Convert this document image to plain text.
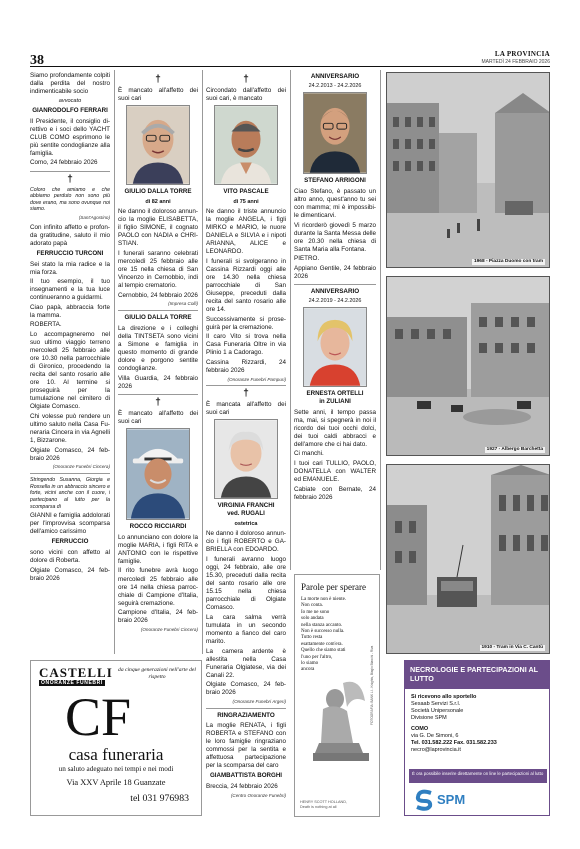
38	LA PROVINCIA
MARTEDÌ 24 FEBBRAIO 2026

Siamo profondamente colpiti dalla perdita del nostro indimenticabile socio

avvocato
GIANRODOLFO FERRARI

Il Presidente, il consiglio direttivo e i soci dello YACHT CLUB COMO esprimono le più sentite condoglianze alla famiglia.

Como, 24 febbraio 2026

†

Coloro che amiamo e che abbiamo perduto non sono più dove erano, ma sono ovunque noi siamo.

(Sant'Agostino)

Con infinito affetto e profonda gratitudine, saluto il mio adorato papà

FERRUCCIO TURCONI

Sei stato la mia radice e la mia forza.

Il tuo esempio, il tuo insegnamenti e la tua luce continueranno a guidarmi.

Ciao papà, abbraccia forte la mamma.

ROBERTA.

Lo accompagneremo nel suo ultimo viaggio terreno mercoledì 25 febbraio alle ore 10.30 nella parrocchiale di Gironico, procedendo la recita del santo rosario alle ore 10. Al termine si proseguirà per la tumulazione nel cimitero di Olgiate Comasco.

Chi volesse può rendere un ultimo saluto nella Casa Funeraria Cincera in via Agnelli 1, Bizzarone.

Olgiate Comasco, 24 febbraio 2026

(Onoranze Funebri Cincera)

Stringendo Susanna, Giorgia e Rossella in un abbraccio sincero e forte, vicini anche con il cuore, i partecipano al lutto per la scomparsa di

GIANNI e famiglia addolorati per l'improvvisa scomparsa dell'amico carissimo

FERRUCCIO

sono vicini con affetto al dolore di Roberta.

Olgiate Comasco, 24 febbraio 2026

†

È mancato all'affetto dei suoi cari

GIULIO DALLA TORRE
di 82 anni

Ne danno il doloroso annuncio la moglie ELISABETTA, il figlio SIMONE, il cognato PAOLO con NADIA e CHRISTIAN.

I funerali saranno celebrati mercoledì 25 febbraio alle ore 15 nella chiesa di San Vincenzo in Cernobbio, indi al tempio crematorio.

Cernobbio, 24 febbraio 2026

(Impresa Colli)
GIULIO DALLA TORRE

La direzione e i colleghi della TINTSETA sono vicini a Simone e famiglia in questo momento di grande dolore e porgono sentite condoglianze.

Villa Guardia, 24 febbraio 2026

†

È mancato all'affetto dei suoi cari

ROCCO RICCIARDI

Lo annunciano con dolore la moglie MARIA, i figli RITA e ANTONIO con le rispettive famiglie.

Il rito funebre avrà luogo mercoledì 25 febbraio alle ore 14 nella chiesa parrocchiale di Campione d'Italia, seguirà cremazione.

Campione d'Italia, 24 febbraio 2026

(Onoranze Funebri Cincera)
†

Circondato dall'affetto dei suoi cari, è mancato

VITO PASCALE
di 75 anni

Ne danno il triste annuncio la moglie ANGELA, i figli MIRKO e MARIO, le nuore DANIELA e SILVIA e i nipoti ARIANNA, ALICE e LEONARDO.

I funerali si svolgeranno in Cassina Rizzardi oggi alle ore 14.30 nella chiesa parrocchiale di San Giuseppe, preceduti dalla recita del santo rosario alle ore 14.

Successivamente si proseguirà per la cremazione.

Il caro Vito si trova nella Casa Funeraria Oltre in via Plinio 1 a Cadorago.

Cassina Rizzardi, 24 febbraio 2026

(Onoranze Funebri Pampuri)
†

È mancata all'affetto dei suoi cari

VIRGINIA FRANCHI
ved. RUGALI
ostetrica

Ne danno il doloroso annuncio i figli ROBERTO e GABRIELLA con EDOARDO.

I funerali avranno luogo oggi, 24 febbraio, alle ore 15.30, preceduti dalla recita del santo rosario alle ore 15.15 nella chiesa parrocchiale di Olgiate Comasco.

La cara salma verrà tumulata in un secondo momento a fianco del caro marito.

La camera ardente è allestita nella Casa Funeraria Olgiatese, via dei Canali 22.

Olgiate Comasco, 24 febbraio 2026

(Onoranze Funebri Argeri)
RINGRAZIAMENTO

La moglie RENATA, i figli ROBERTA e STEFANO con le loro famiglie ringraziano commossi per la sentita e affettuosa partecipazione per la scomparsa del caro

GIAMBATTISTA BORGHI

Breccia, 24 febbraio 2026

(Centro Onoranze Funebri)
ANNIVERSARIO
24.2.2013 - 24.2.2026
STEFANO ARRIGONI

Ciao Stefano, è passato un altro anno, quest'anno tu sei con mamma; mi è impossibile dimenticarvi.

Vi ricorderò giovedì 5 marzo durante la Santa Messa delle ore 20.30 nella chiesa di Santa Maria alla Fontana.

PIETRO.

Appiano Gentile, 24 febbraio 2026

ANNIVERSARIO
24.2.2019 - 24.2.2026
ERNESTA ORTELLI
in ZULIANI

Sette anni, il tempo passa ma, mai, si spegnerà in noi il ricordo dei tuoi occhi dolci, dei tuoi caldi abbracci e dell'amore che ci hai dato.

Ci manchi.

I tuoi cari TULLIO, PAOLO, DONATELLA con WALTER ed EMANUELE.

Cabiate con Bernate, 24 febbraio 2026

Parole per sperare
La morte non è niente.
Non conta.
Io me ne sono
solo andata
nella stanza accanto.
Non è successo nulla.
Tutto resta
esattamente com'era.
Quello che siamo stati
l'uno per l'altro,
lo siamo
ancora	FOTOGRAFIA: BANK LI - Knights, Biagio Bianchi - Riva
HENRY SCOTT HOLLAND,
Death is nothing at all
1968 - Piazza Duomo con tram
1927 - Albergo Barchetta
1910 - Tram in Via C. Cantù
CASTELLI
ONORANZE FUNEBRI
da cinque generazioni nell'arte del rispetto
CF
casa funeraria
un saluto adeguato nei tempi e nei modi
Via XXV Aprile 18 Guanzate
tel 031 976983
NECROLOGIE E PARTECIPAZIONI AL LUTTO
Si ricevono allo sportello
Sesaab Servizi S.r.l.
Società Unipersonale
Divisione SPM
COMO
via G. De Simoni, 6
Tel. 031.582.222 Fax. 031.582.233
necro@laprovincia.it
È ora possibile inserire direttamente on line le partecipazioni al lutto
SPM
